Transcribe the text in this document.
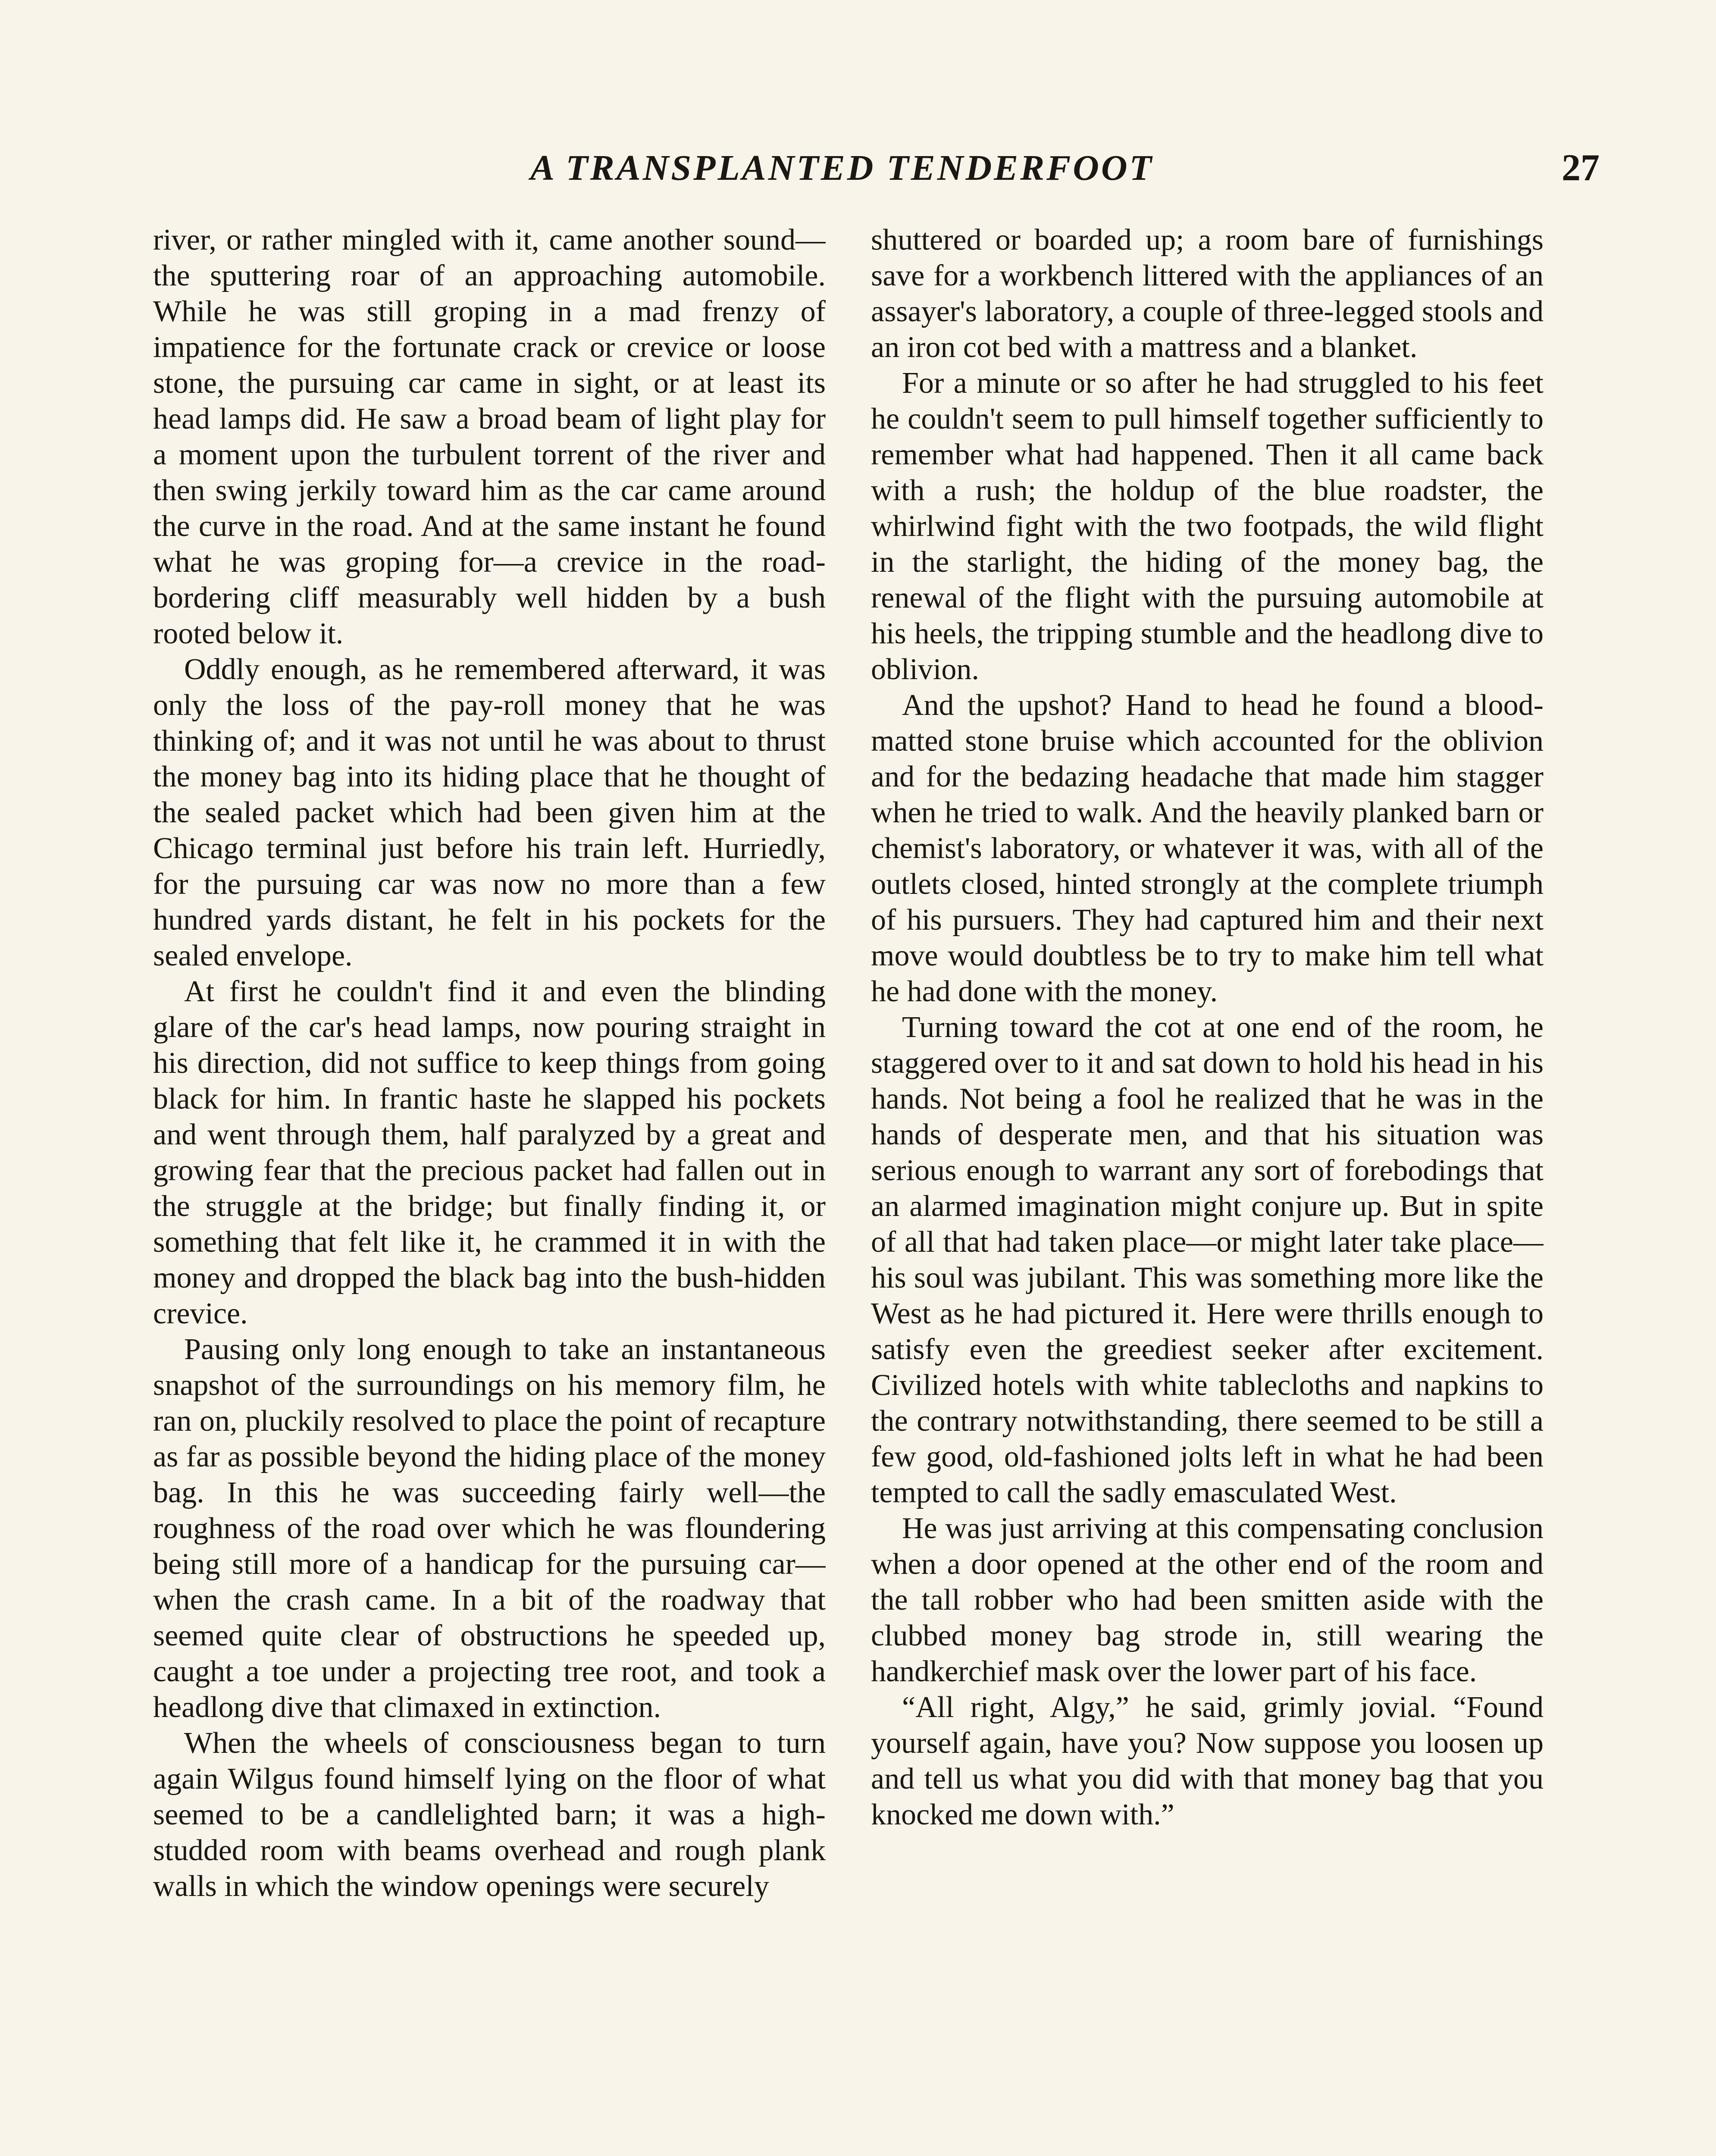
A TRANSPLANTED TENDERFOOT	27

river, or rather mingled with it, came another sound—the sputtering roar of an approaching automobile. While he was still groping in a mad frenzy of impatience for the fortunate crack or crevice or loose stone, the pursuing car came in sight, or at least its head lamps did. He saw a broad beam of light play for a moment upon the turbulent torrent of the river and then swing jerkily toward him as the car came around the curve in the road. And at the same instant he found what he was groping for—a crevice in the road-bordering cliff measurably well hidden by a bush rooted below it.

Oddly enough, as he remembered afterward, it was only the loss of the pay-roll money that he was thinking of; and it was not until he was about to thrust the money bag into its hiding place that he thought of the sealed packet which had been given him at the Chicago terminal just before his train left. Hurriedly, for the pursuing car was now no more than a few hundred yards distant, he felt in his pockets for the sealed envelope.

At first he couldn't find it and even the blinding glare of the car's head lamps, now pouring straight in his direction, did not suffice to keep things from going black for him. In frantic haste he slapped his pockets and went through them, half paralyzed by a great and growing fear that the precious packet had fallen out in the struggle at the bridge; but finally finding it, or something that felt like it, he crammed it in with the money and dropped the black bag into the bush-hidden crevice.

Pausing only long enough to take an instantaneous snapshot of the surroundings on his memory film, he ran on, pluckily resolved to place the point of recapture as far as possible beyond the hiding place of the money bag. In this he was succeeding fairly well—the roughness of the road over which he was floundering being still more of a handicap for the pursuing car—when the crash came. In a bit of the roadway that seemed quite clear of obstructions he speeded up, caught a toe under a projecting tree root, and took a headlong dive that climaxed in extinction.

When the wheels of consciousness began to turn again Wilgus found himself lying on the floor of what seemed to be a candlelighted barn; it was a high-studded room with beams overhead and rough plank walls in which the window openings were securely

shuttered or boarded up; a room bare of furnishings save for a workbench littered with the appliances of an assayer's laboratory, a couple of three-legged stools and an iron cot bed with a mattress and a blanket.

For a minute or so after he had struggled to his feet he couldn't seem to pull himself together sufficiently to remember what had happened. Then it all came back with a rush; the holdup of the blue roadster, the whirlwind fight with the two footpads, the wild flight in the starlight, the hiding of the money bag, the renewal of the flight with the pursuing automobile at his heels, the tripping stumble and the headlong dive to oblivion.

And the upshot? Hand to head he found a blood-matted stone bruise which accounted for the oblivion and for the bedazing headache that made him stagger when he tried to walk. And the heavily planked barn or chemist's laboratory, or whatever it was, with all of the outlets closed, hinted strongly at the complete triumph of his pursuers. They had captured him and their next move would doubtless be to try to make him tell what he had done with the money.

Turning toward the cot at one end of the room, he staggered over to it and sat down to hold his head in his hands. Not being a fool he realized that he was in the hands of desperate men, and that his situation was serious enough to warrant any sort of forebodings that an alarmed imagination might conjure up. But in spite of all that had taken place—or might later take place—his soul was jubilant. This was something more like the West as he had pictured it. Here were thrills enough to satisfy even the greediest seeker after excitement. Civilized hotels with white tablecloths and napkins to the contrary notwithstanding, there seemed to be still a few good, old-fashioned jolts left in what he had been tempted to call the sadly emasculated West.

He was just arriving at this compensating conclusion when a door opened at the other end of the room and the tall robber who had been smitten aside with the clubbed money bag strode in, still wearing the handkerchief mask over the lower part of his face.

“All right, Algy,” he said, grimly jovial. “Found yourself again, have you? Now suppose you loosen up and tell us what you did with that money bag that you knocked me down with.”
